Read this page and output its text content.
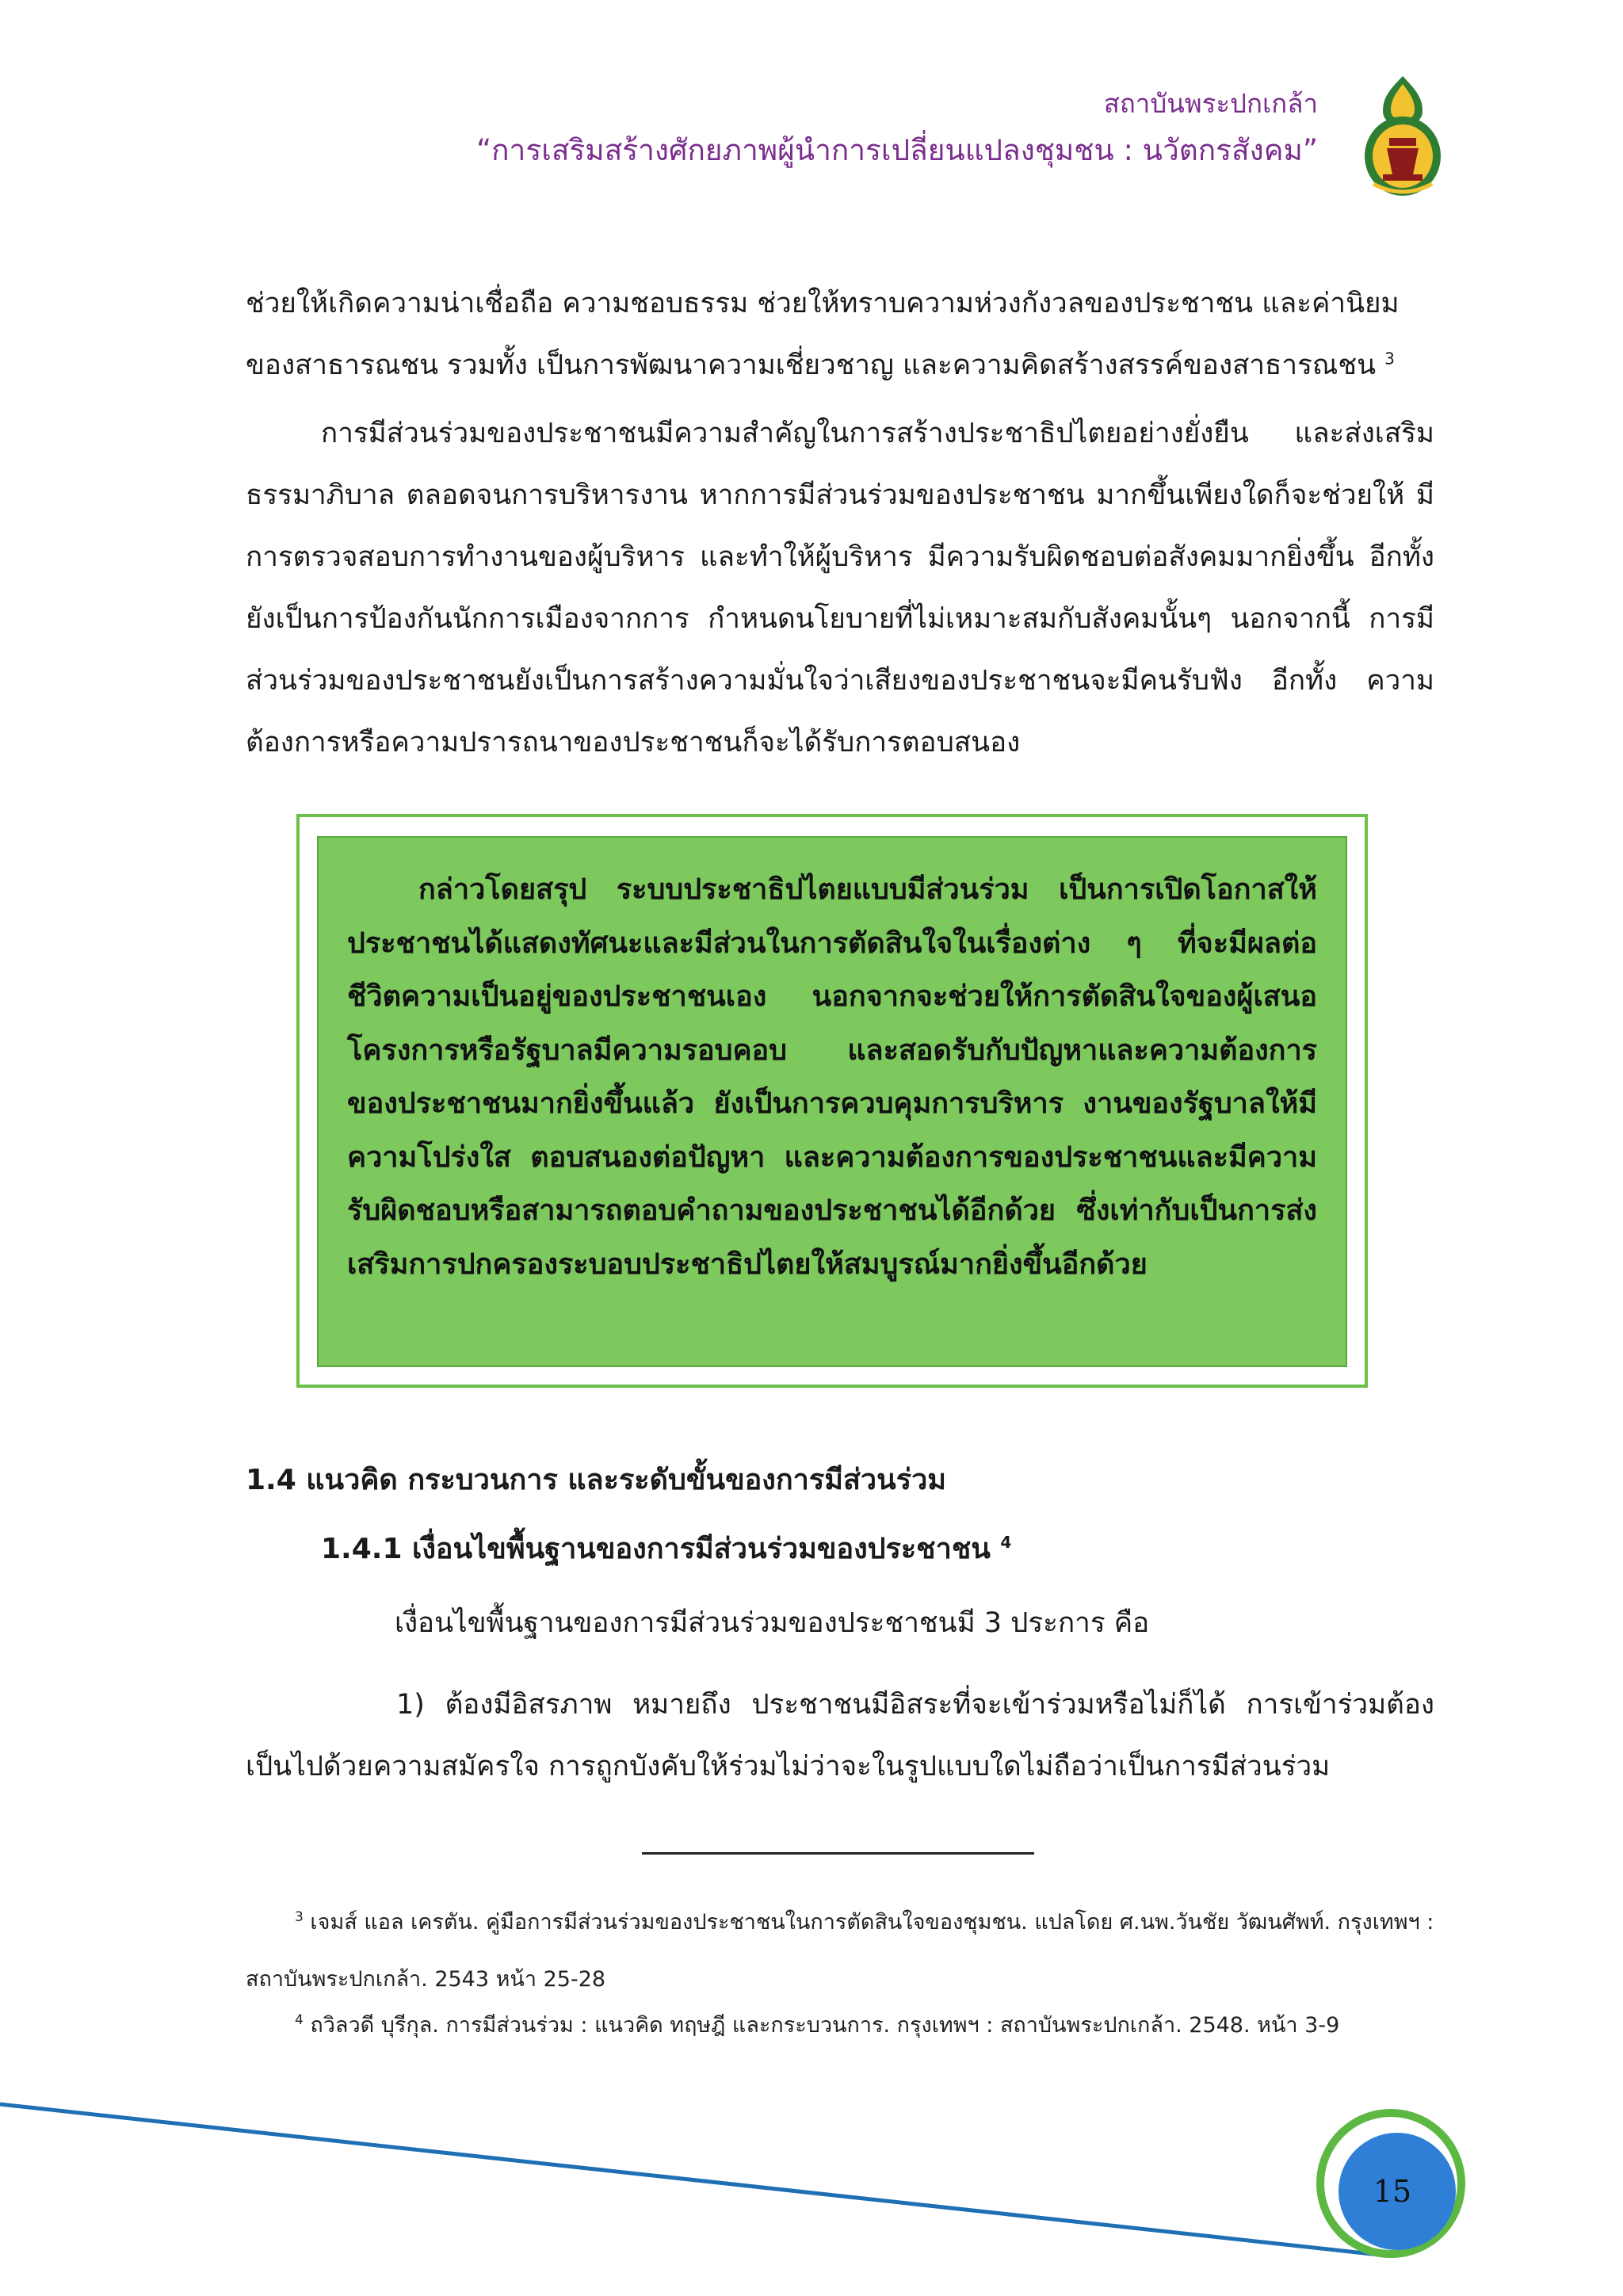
สถาบันพระปกเกล้า
“การเสริมสร้างศักยภาพผู้นำการเปลี่ยนแปลงชุมชน : นวัตกรสังคม”

ช่วยให้เกิดความน่าเชื่อถือ ความชอบธรรม ช่วยให้ทราบความห่วงกังวลของประชาชน และค่านิยม
ของสาธารณชน รวมทั้ง เป็นการพัฒนาความเชี่ยวชาญ และความคิดสร้างสรรค์ของสาธารณชน $^3$

การมีส่วนร่วมของประชาชนมีความสำคัญในการสร้างประชาธิปไตยอย่างยั่งยืน และส่งเสริม ธรรมาภิบาล ตลอดจนการบริหารงาน หากการมีส่วนร่วมของประชาชน มากขึ้นเพียงใดก็จะช่วยให้ มีการตรวจสอบการทำงานของผู้บริหาร และทำให้ผู้บริหาร มีความรับผิดชอบต่อสังคมมากยิ่งขึ้น อีกทั้งยังเป็นการป้องกันนักการเมืองจากการ กำหนดนโยบายที่ไม่เหมาะสมกับสังคมนั้นๆ นอกจากนี้ การมีส่วนร่วมของประชาชนยังเป็นการสร้างความมั่นใจว่าเสียงของประชาชนจะมีคนรับฟัง อีกทั้ง ความต้องการหรือความปรารถนาของประชาชนก็จะได้รับการตอบสนอง

กล่าวโดยสรุป ระบบประชาธิปไตยแบบมีส่วนร่วม เป็นการเปิดโอกาสให้ประชาชนได้แสดงทัศนะและมีส่วนในการตัดสินใจในเรื่องต่าง ๆ ที่จะมีผลต่อชีวิตความเป็นอยู่ของประชาชนเอง นอกจากจะช่วยให้การตัดสินใจของผู้เสนอโครงการหรือรัฐบาลมีความรอบคอบ และสอดรับกับปัญหาและความต้องการของประชาชนมากยิ่งขึ้นแล้ว ยังเป็นการควบคุมการบริหาร งานของรัฐบาลให้มีความโปร่งใส ตอบสนองต่อปัญหา และความต้องการของประชาชนและมีความรับผิดชอบหรือสามารถตอบคำถามของประชาชนได้อีกด้วย ซึ่งเท่ากับเป็นการส่งเสริมการปกครองระบอบประชาธิปไตยให้สมบูรณ์มากยิ่งขึ้นอีกด้วย

1.4 แนวคิด กระบวนการ และระดับขั้นของการมีส่วนร่วม
1.4.1 เงื่อนไขพื้นฐานของการมีส่วนร่วมของประชาชน $^4$
เงื่อนไขพื้นฐานของการมีส่วนร่วมของประชาชนมี 3 ประการ คือ

1) ต้องมีอิสรภาพ หมายถึง ประชาชนมีอิสระที่จะเข้าร่วมหรือไม่ก็ได้ การเข้าร่วมต้อง เป็นไปด้วยความสมัครใจ การถูกบังคับให้ร่วมไม่ว่าจะในรูปแบบใดไม่ถือว่าเป็นการมีส่วนร่วม

$^3$ เจมส์ แอล เครตัน. คู่มือการมีส่วนร่วมของประชาชนในการตัดสินใจของชุมชน. แปลโดย ศ.นพ.วันชัย วัฒนศัพท์. กรุงเทพฯ : สถาบันพระปกเกล้า. 2543 หน้า 25-28

$^4$ ถวิลวดี บุรีกุล. การมีส่วนร่วม : แนวคิด ทฤษฎี และกระบวนการ. กรุงเทพฯ : สถาบันพระปกเกล้า. 2548. หน้า 3-9

15
